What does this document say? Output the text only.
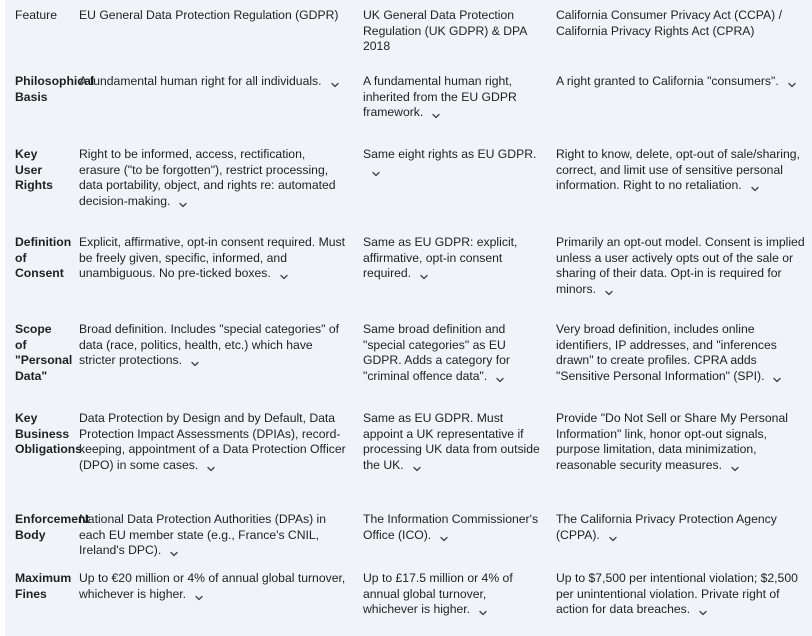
Feature	EU General Data Protection Regulation (GDPR)	UK General Data Protection Regulation (UK GDPR) & DPA 2018	California Consumer Privacy Act (CCPA) / California Privacy Rights Act (CPRA)
Philosophical Basis	A fundamental human right for all individuals.	A fundamental human right, inherited from the EU GDPR framework.	A right granted to California "consumers".

Key User Rights	Right to be informed, access, rectification, erasure ("to be forgotten"), restrict processing, data portability, object, and rights re: automated decision-making.	Same eight rights as EU GDPR.	Right to know, delete, opt-out of sale/sharing, correct, and limit use of sensitive personal information. Right to no retaliation.

Definition of Consent	Explicit, affirmative, opt-in consent required. Must be freely given, specific, informed, and unambiguous. No pre-ticked boxes.	Same as EU GDPR: explicit, affirmative, opt-in consent required.	Primarily an opt-out model. Consent is implied unless a user actively opts out of the sale or sharing of their data. Opt-in is required for minors.

Scope of "Personal Data"	Broad definition. Includes "special categories" of data (race, politics, health, etc.) which have stricter protections.	Same broad definition and "special categories" as EU GDPR. Adds a category for "criminal offence data".	Very broad definition, includes online identifiers, IP addresses, and "inferences drawn" to create profiles. CPRA adds "Sensitive Personal Information" (SPI).

Key Business Obligations	Data Protection by Design and by Default, Data Protection Impact Assessments (DPIAs), record-keeping, appointment of a Data Protection Officer (DPO) in some cases.	Same as EU GDPR. Must appoint a UK representative if processing UK data from outside the UK.	Provide "Do Not Sell or Share My Personal Information" link, honor opt-out signals, purpose limitation, data minimization, reasonable security measures.

Enforcement Body	National Data Protection Authorities (DPAs) in each EU member state (e.g., France's CNIL, Ireland's DPC).	The Information Commissioner's Office (ICO).	The California Privacy Protection Agency (CPPA).

Maximum Fines	Up to €20 million or 4% of annual global turnover, whichever is higher.	Up to £17.5 million or 4% of annual global turnover, whichever is higher.	Up to $7,500 per intentional violation; $2,500 per unintentional violation. Private right of action for data breaches.
